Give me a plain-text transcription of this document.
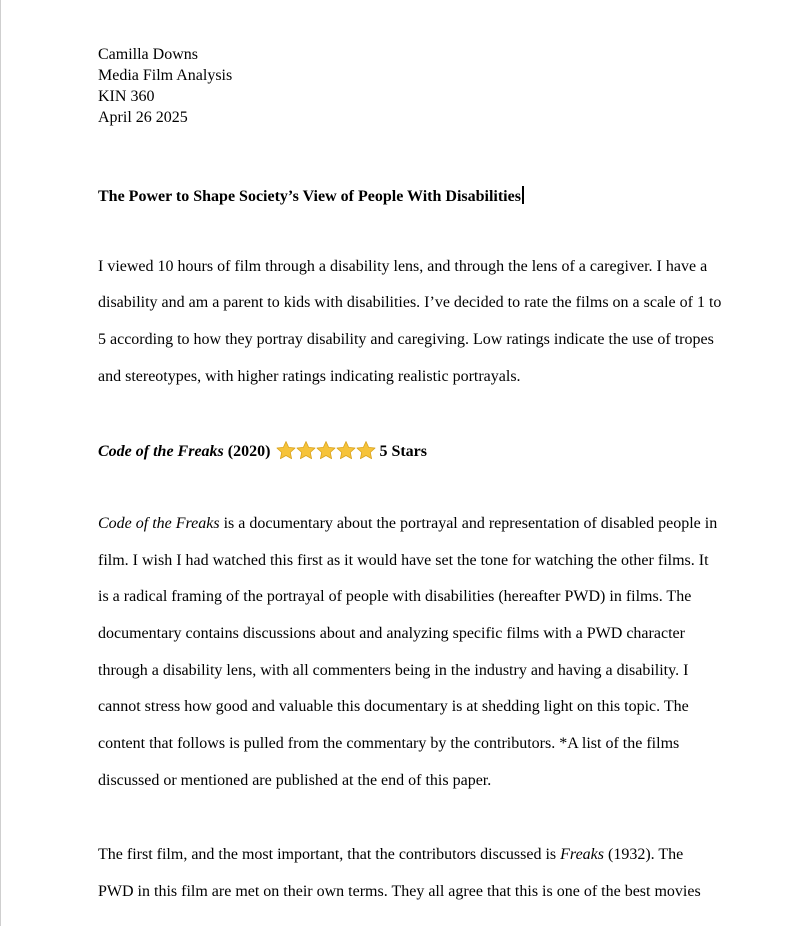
Camilla Downs
Media Film Analysis
KIN 360
April 26 2025
The Power to Shape Society’s View of People With Disabilities
I viewed 10 hours of film through a disability lens, and through the lens of a caregiver. I have a
disability and am a parent to kids with disabilities. I’ve decided to rate the films on a scale of 1 to
5 according to how they portray disability and caregiving. Low ratings indicate the use of tropes
and stereotypes, with higher ratings indicating realistic portrayals.
Code of the Freaks (2020)	5 Stars
Code of the Freaks is a documentary about the portrayal and representation of disabled people in
film. I wish I had watched this first as it would have set the tone for watching the other films. It
is a radical framing of the portrayal of people with disabilities (hereafter PWD) in films. The
documentary contains discussions about and analyzing specific films with a PWD character
through a disability lens, with all commenters being in the industry and having a disability. I
cannot stress how good and valuable this documentary is at shedding light on this topic. The
content that follows is pulled from the commentary by the contributors. *A list of the films
discussed or mentioned are published at the end of this paper.
The first film, and the most important, that the contributors discussed is Freaks (1932). The
PWD in this film are met on their own terms. They all agree that this is one of the best movies
